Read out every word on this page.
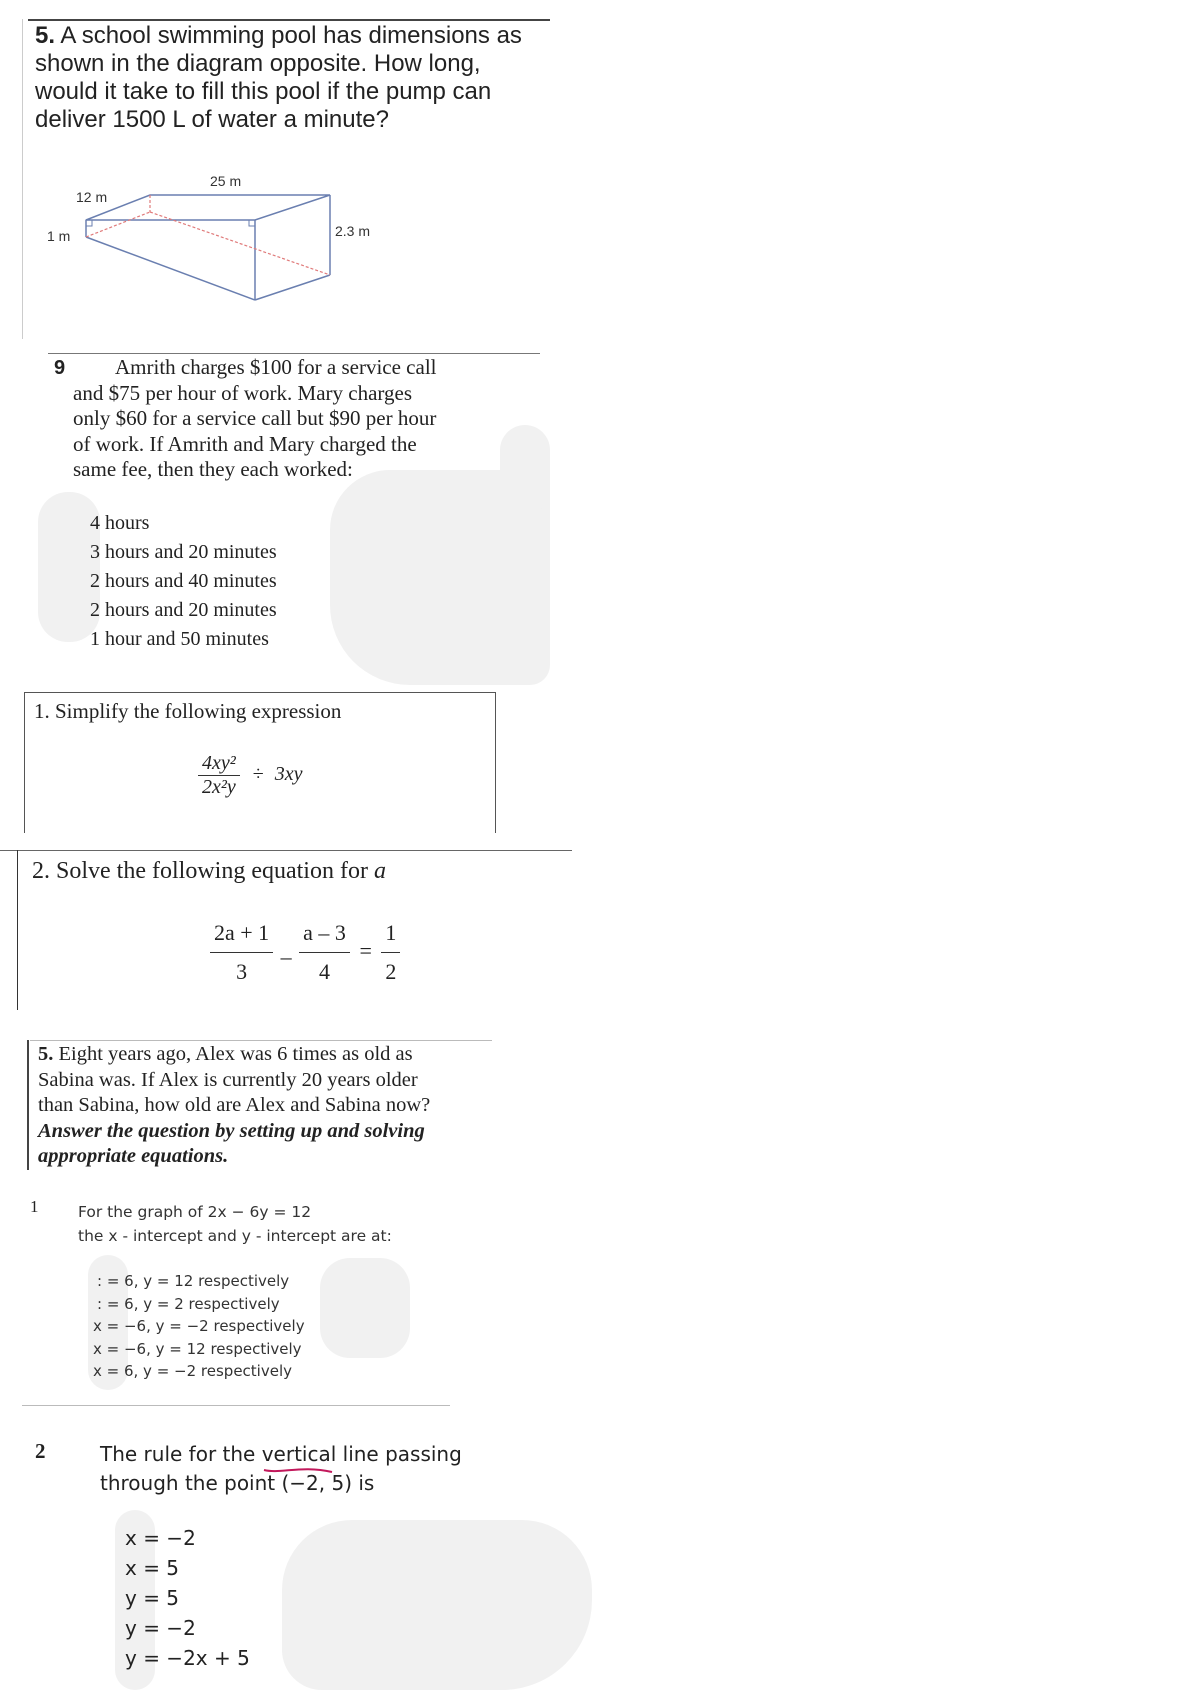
5. A school swimming pool has dimensions as
shown in the diagram opposite. How long,
would it take to fill this pool if the pump can
deliver 1500 L of water a minute?
12 m
25 m
1 m	2.3 m
9	Amrith charges $100 for a service call
and $75 per hour of work. Mary charges
only $60 for a service call but $90 per hour
of work. If Amrith and Mary charged the
same fee, then they each worked:
4 hours
3 hours and 20 minutes
2 hours and 40 minutes
2 hours and 20 minutes
1 hour and 50 minutes
1. Simplify the following expression
$\frac{\text{4xy²}}{\text{2x²y}} \div 3xy$
2. Solve the following equation for a
$\frac{2a + 1}{3} - \frac{a - 3}{4} = \frac{1}{2}$
5. Eight years ago, Alex was 6 times as old as
Sabina was. If Alex is currently 20 years older
than Sabina, how old are Alex and Sabina now?
Answer the question by setting up and solving
appropriate equations.
1	For the graph of 2x − 6y = 12
the x - intercept and y - intercept are at:
: = 6, y = 12 respectively
: = 6, y = 2 respectively
x = −6, y = −2 respectively
x = −6, y = 12 respectively
x = 6, y = −2 respectively
2	The rule for the vertical line passing
through the point (−2, 5) is
x = −2
x = 5
y = 5
y = −2
y = −2x + 5
